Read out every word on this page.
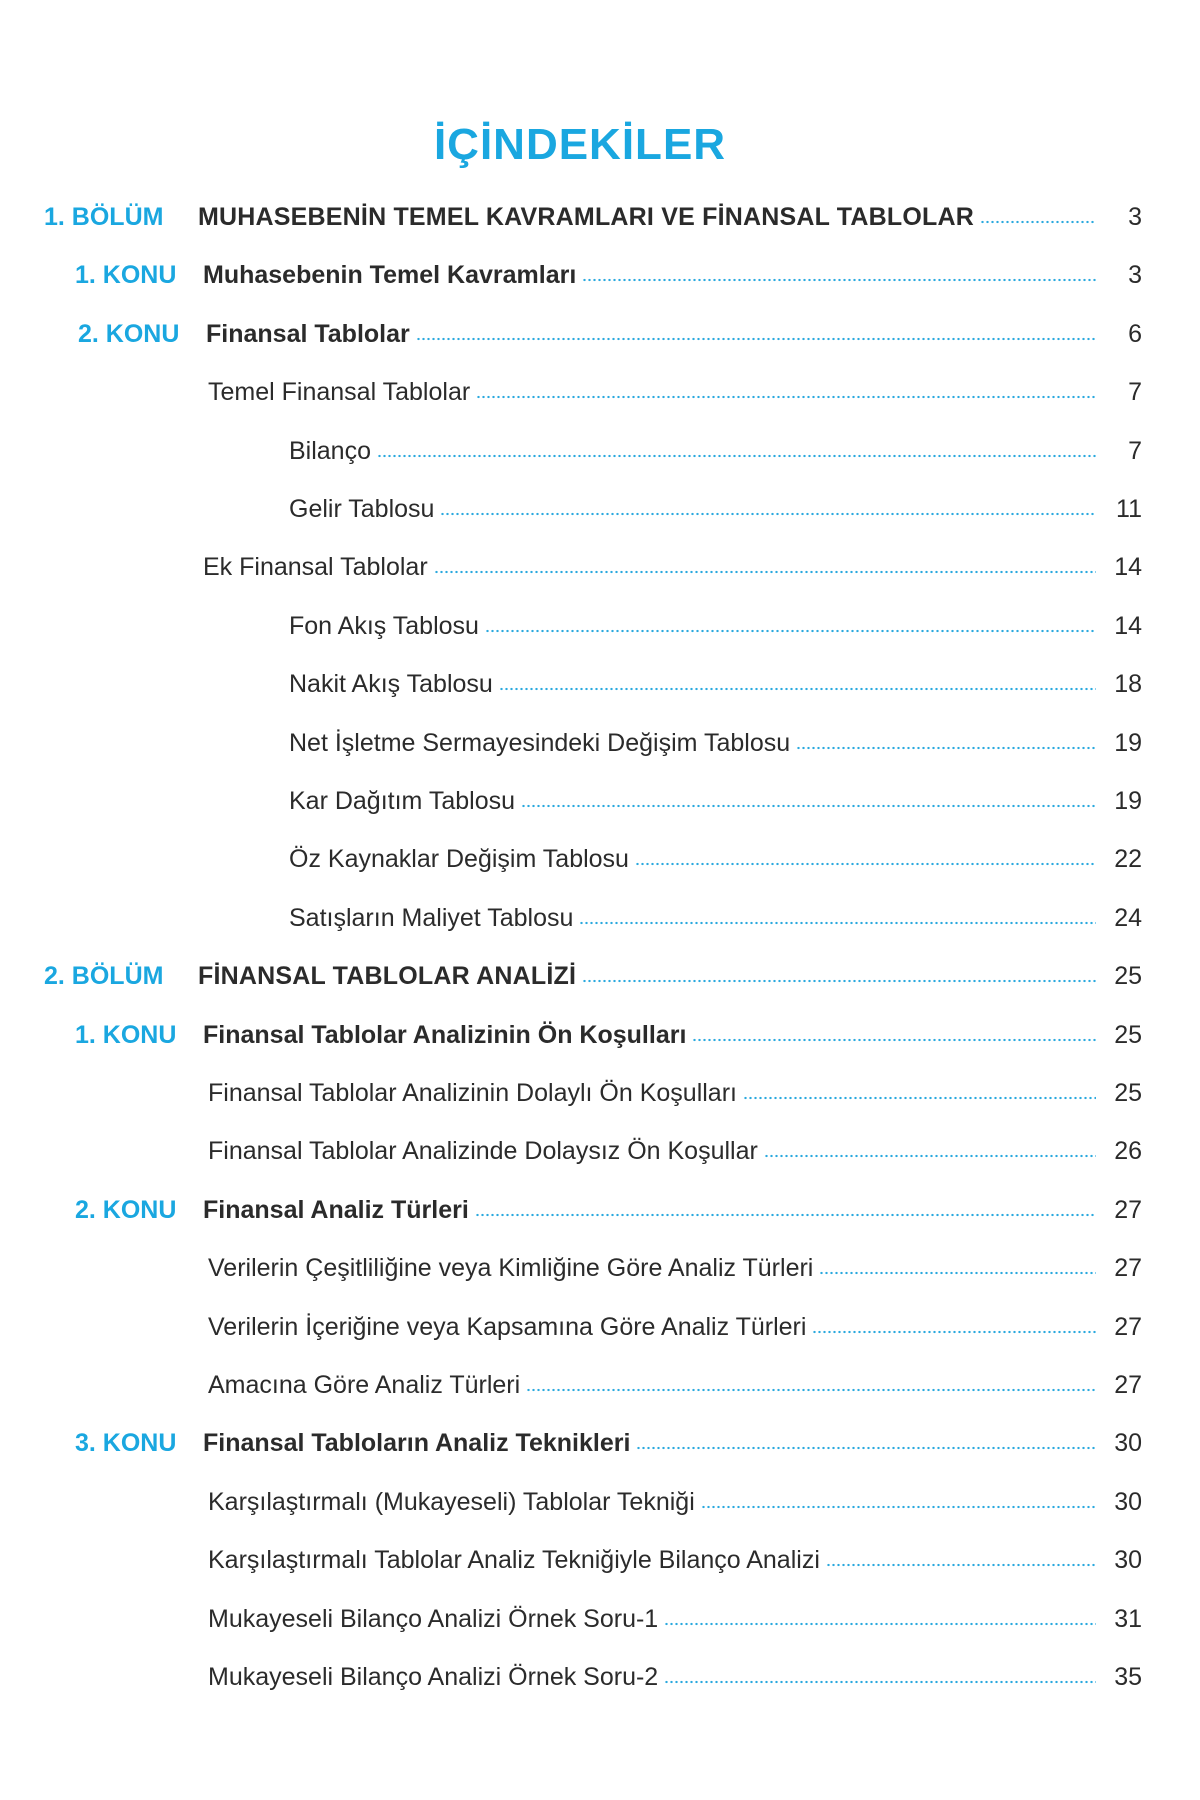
İÇİNDEKİLER
1. BÖLÜM MUHASEBENİN TEMEL KAVRAMLARI VE FİNANSAL TABLOLAR	3
1. KONU Muhasebenin Temel Kavramları	3
2. KONU Finansal Tablolar	6
Temel Finansal Tablolar	7
Bilanço	7
Gelir Tablosu	11
Ek Finansal Tablolar	14
Fon Akış Tablosu	14
Nakit Akış Tablosu	18
Net İşletme Sermayesindeki Değişim Tablosu	19
Kar Dağıtım Tablosu	19
Öz Kaynaklar Değişim Tablosu	22
Satışların Maliyet Tablosu	24
2. BÖLÜM FİNANSAL TABLOLAR ANALİZİ	25
1. KONU Finansal Tablolar Analizinin Ön Koşulları	25
Finansal Tablolar Analizinin Dolaylı Ön Koşulları	25
Finansal Tablolar Analizinde Dolaysız Ön Koşullar	26
2. KONU Finansal Analiz Türleri	27
Verilerin Çeşitliliğine veya Kimliğine Göre Analiz Türleri	27
Verilerin İçeriğine veya Kapsamına Göre Analiz Türleri	27
Amacına Göre Analiz Türleri	27
3. KONU Finansal Tabloların Analiz Teknikleri	30
Karşılaştırmalı (Mukayeseli) Tablolar Tekniği	30
Karşılaştırmalı Tablolar Analiz Tekniğiyle Bilanço Analizi	30
Mukayeseli Bilanço Analizi Örnek Soru-1	31
Mukayeseli Bilanço Analizi Örnek Soru-2	35
